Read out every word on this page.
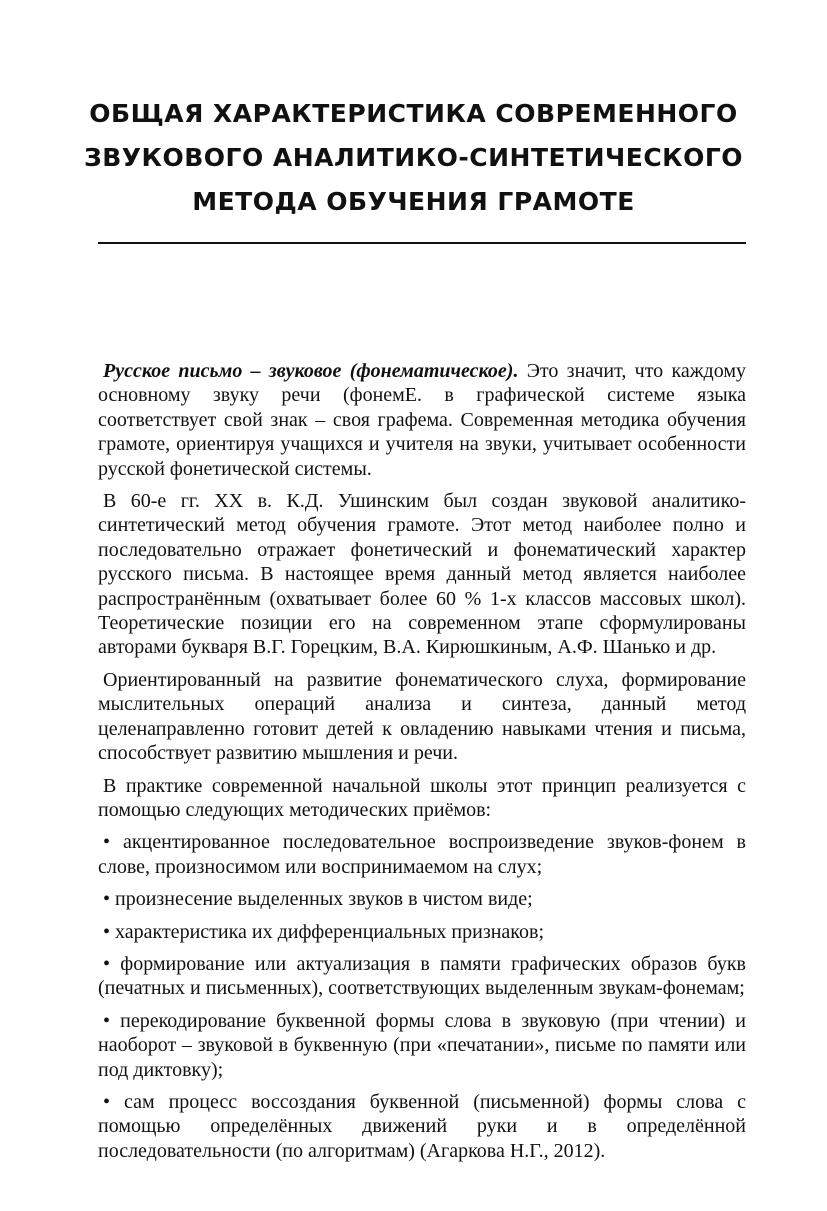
ОБЩАЯ ХАРАКТЕРИСТИКА СОВРЕМЕННОГО
ЗВУКОВОГО АНАЛИТИКО-СИНТЕТИЧЕСКОГО
МЕТОДА ОБУЧЕНИЯ ГРАМОТЕ

Русское письмо – звуковое (фонематическое). Это значит, что каждому основному звуку речи (фонемЕ. в графической системе языка соответствует свой знак – своя графема. Современная методика обучения грамоте, ориентируя учащихся и учителя на звуки, учитывает особенности русской фонетической системы.

В 60-е гг. XX в. К.Д. Ушинским был создан звуковой аналитико-синтетический метод обучения грамоте. Этот метод наиболее полно и последовательно отражает фонетический и фонематический характер русского письма. В настоящее время данный метод является наиболее распространённым (охватывает более 60 % 1-х классов массовых школ). Теоретические позиции его на современном этапе сформулированы авторами букваря В.Г. Горецким, В.А. Кирюшкиным, А.Ф. Шанько и др.

Ориентированный на развитие фонематического слуха, формирование мыслительных операций анализа и синтеза, данный метод целенаправленно готовит детей к овладению навыками чтения и письма, способствует развитию мышления и речи.

В практике современной начальной школы этот принцип реализуется с помощью следующих методических приёмов:

• акцентированное последовательное воспроизведение звуков-фонем в слове, произносимом или воспринимаемом на слух;

• произнесение выделенных звуков в чистом виде;

• характеристика их дифференциальных признаков;

• формирование или актуализация в памяти графических образов букв (печатных и письменных), соответствующих выделенным звукам-фонемам;

• перекодирование буквенной формы слова в звуковую (при чтении) и наоборот – звуковой в буквенную (при «печатании», письме по памяти или под диктовку);

• сам процесс воссоздания буквенной (письменной) формы слова с помощью определённых движений руки и в определённой последовательности (по алгоритмам) (Агаркова Н.Г., 2012).
